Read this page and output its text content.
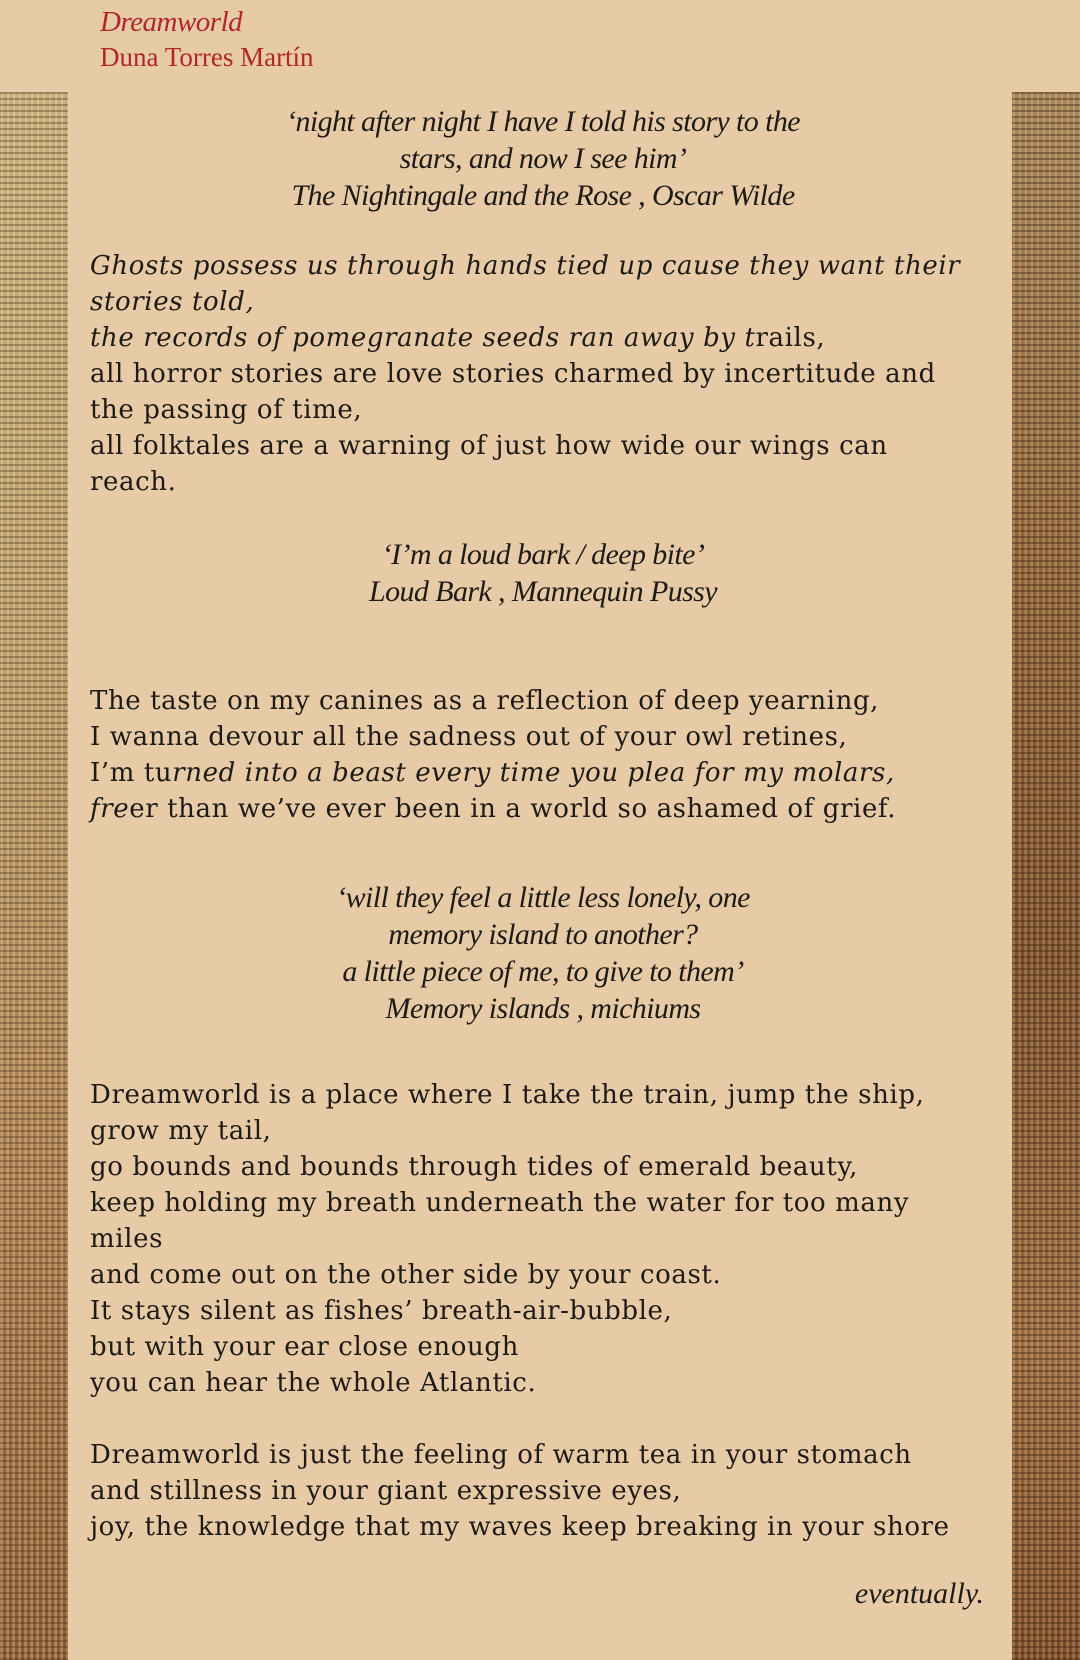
Dreamworld
Duna Torres Martín
‘night after night I have I told his story to the
stars, and now I see him’
The Nightingale and the Rose , Oscar Wilde
Ghosts possess us through hands tied up cause they want their
stories told,
the records of pomegranate seeds ran away by trails,
all horror stories are love stories charmed by incertitude and
the passing of time,
all folktales are a warning of just how wide our wings can
reach.
‘I’m a loud bark / deep bite’
Loud Bark , Mannequin Pussy
The taste on my canines as a reflection of deep yearning,
I wanna devour all the sadness out of your owl retines,
I’m turned into a beast every time you plea for my molars,
freer than we’ve ever been in a world so ashamed of grief.
‘will they feel a little less lonely, one
memory island to another?
a little piece of me, to give to them’
Memory islands , michiums
Dreamworld is a place where I take the train, jump the ship,
grow my tail,
go bounds and bounds through tides of emerald beauty,
keep holding my breath underneath the water for too many
miles
and come out on the other side by your coast.
It stays silent as fishes’ breath-air-bubble,
but with your ear close enough
you can hear the whole Atlantic.
Dreamworld is just the feeling of warm tea in your stomach
and stillness in your giant expressive eyes,
joy, the knowledge that my waves keep breaking in your shore
eventually.
